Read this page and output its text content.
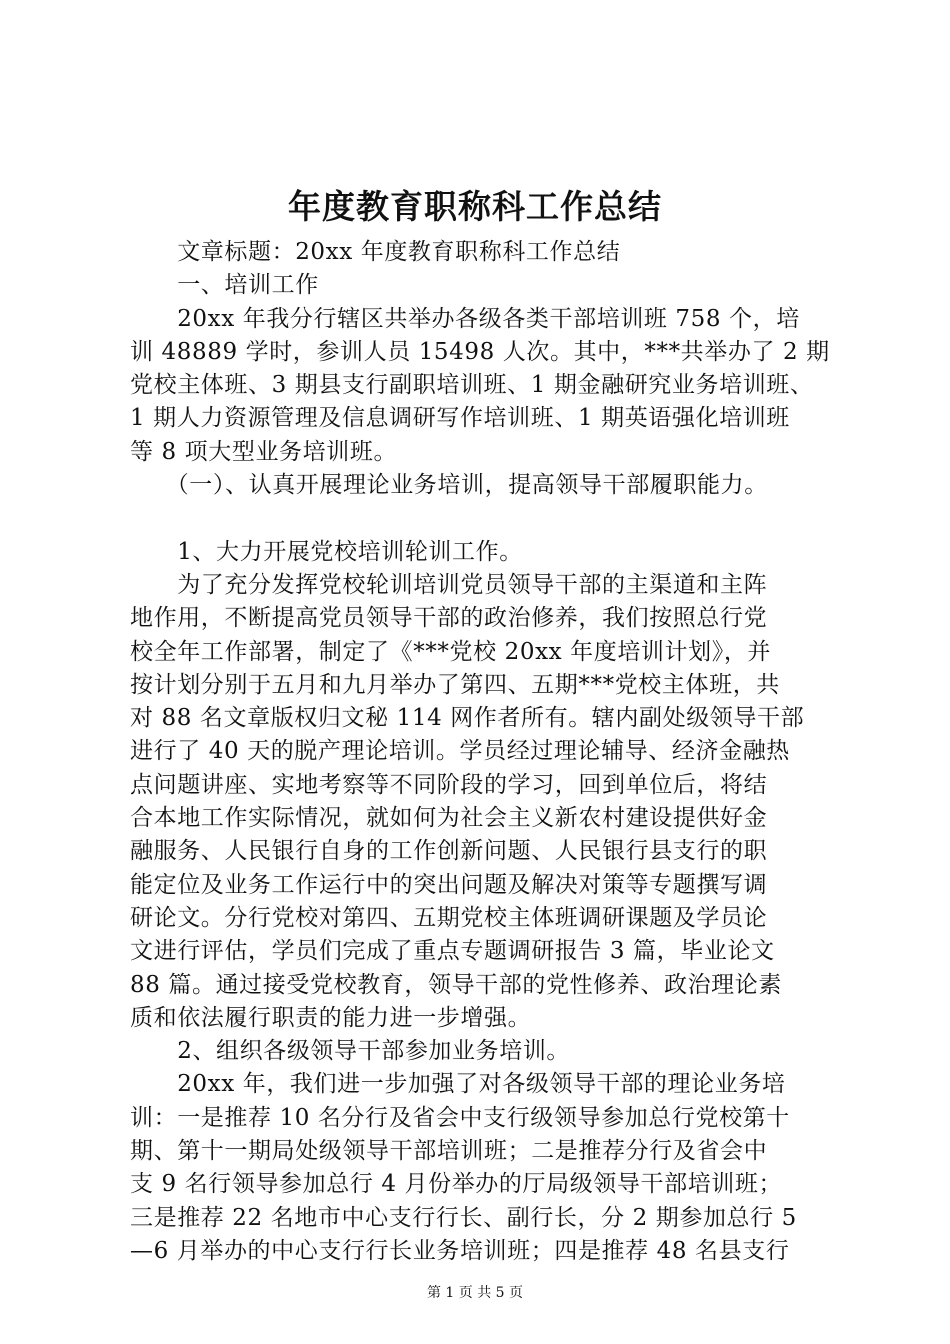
年度教育职称科工作总结
　　文章标题：20xx 年度教育职称科工作总结
　　一、培训工作
　　20xx 年我分行辖区共举办各级各类干部培训班 758 个，培
训 48889 学时，参训人员 15498 人次。其中，***共举办了 2 期
党校主体班、3 期县支行副职培训班、1 期金融研究业务培训班、
1 期人力资源管理及信息调研写作培训班、1 期英语强化培训班
等 8 项大型业务培训班。
　　（一）、认真开展理论业务培训，提高领导干部履职能力。
　　1、大力开展党校培训轮训工作。
　　为了充分发挥党校轮训培训党员领导干部的主渠道和主阵
地作用，不断提高党员领导干部的政治修养，我们按照总行党
校全年工作部署，制定了《***党校 20xx 年度培训计划》，并
按计划分别于五月和九月举办了第四、五期***党校主体班，共
对 88 名文章版权归文秘 114 网作者所有。辖内副处级领导干部
进行了 40 天的脱产理论培训。学员经过理论辅导、经济金融热
点问题讲座、实地考察等不同阶段的学习，回到单位后，将结
合本地工作实际情况，就如何为社会主义新农村建设提供好金
融服务、人民银行自身的工作创新问题、人民银行县支行的职
能定位及业务工作运行中的突出问题及解决对策等专题撰写调
研论文。分行党校对第四、五期党校主体班调研课题及学员论
文进行评估，学员们完成了重点专题调研报告 3 篇，毕业论文
88 篇。通过接受党校教育，领导干部的党性修养、政治理论素
质和依法履行职责的能力进一步增强。
　　2、组织各级领导干部参加业务培训。
　　20xx 年，我们进一步加强了对各级领导干部的理论业务培
训：一是推荐 10 名分行及省会中支行级领导参加总行党校第十
期、第十一期局处级领导干部培训班；二是推荐分行及省会中
支 9 名行领导参加总行 4 月份举办的厅局级领导干部培训班；
三是推荐 22 名地市中心支行行长、副行长，分 2 期参加总行 5
—6 月举办的中心支行行长业务培训班；四是推荐 48 名县支行
第 1 页 共 5 页
